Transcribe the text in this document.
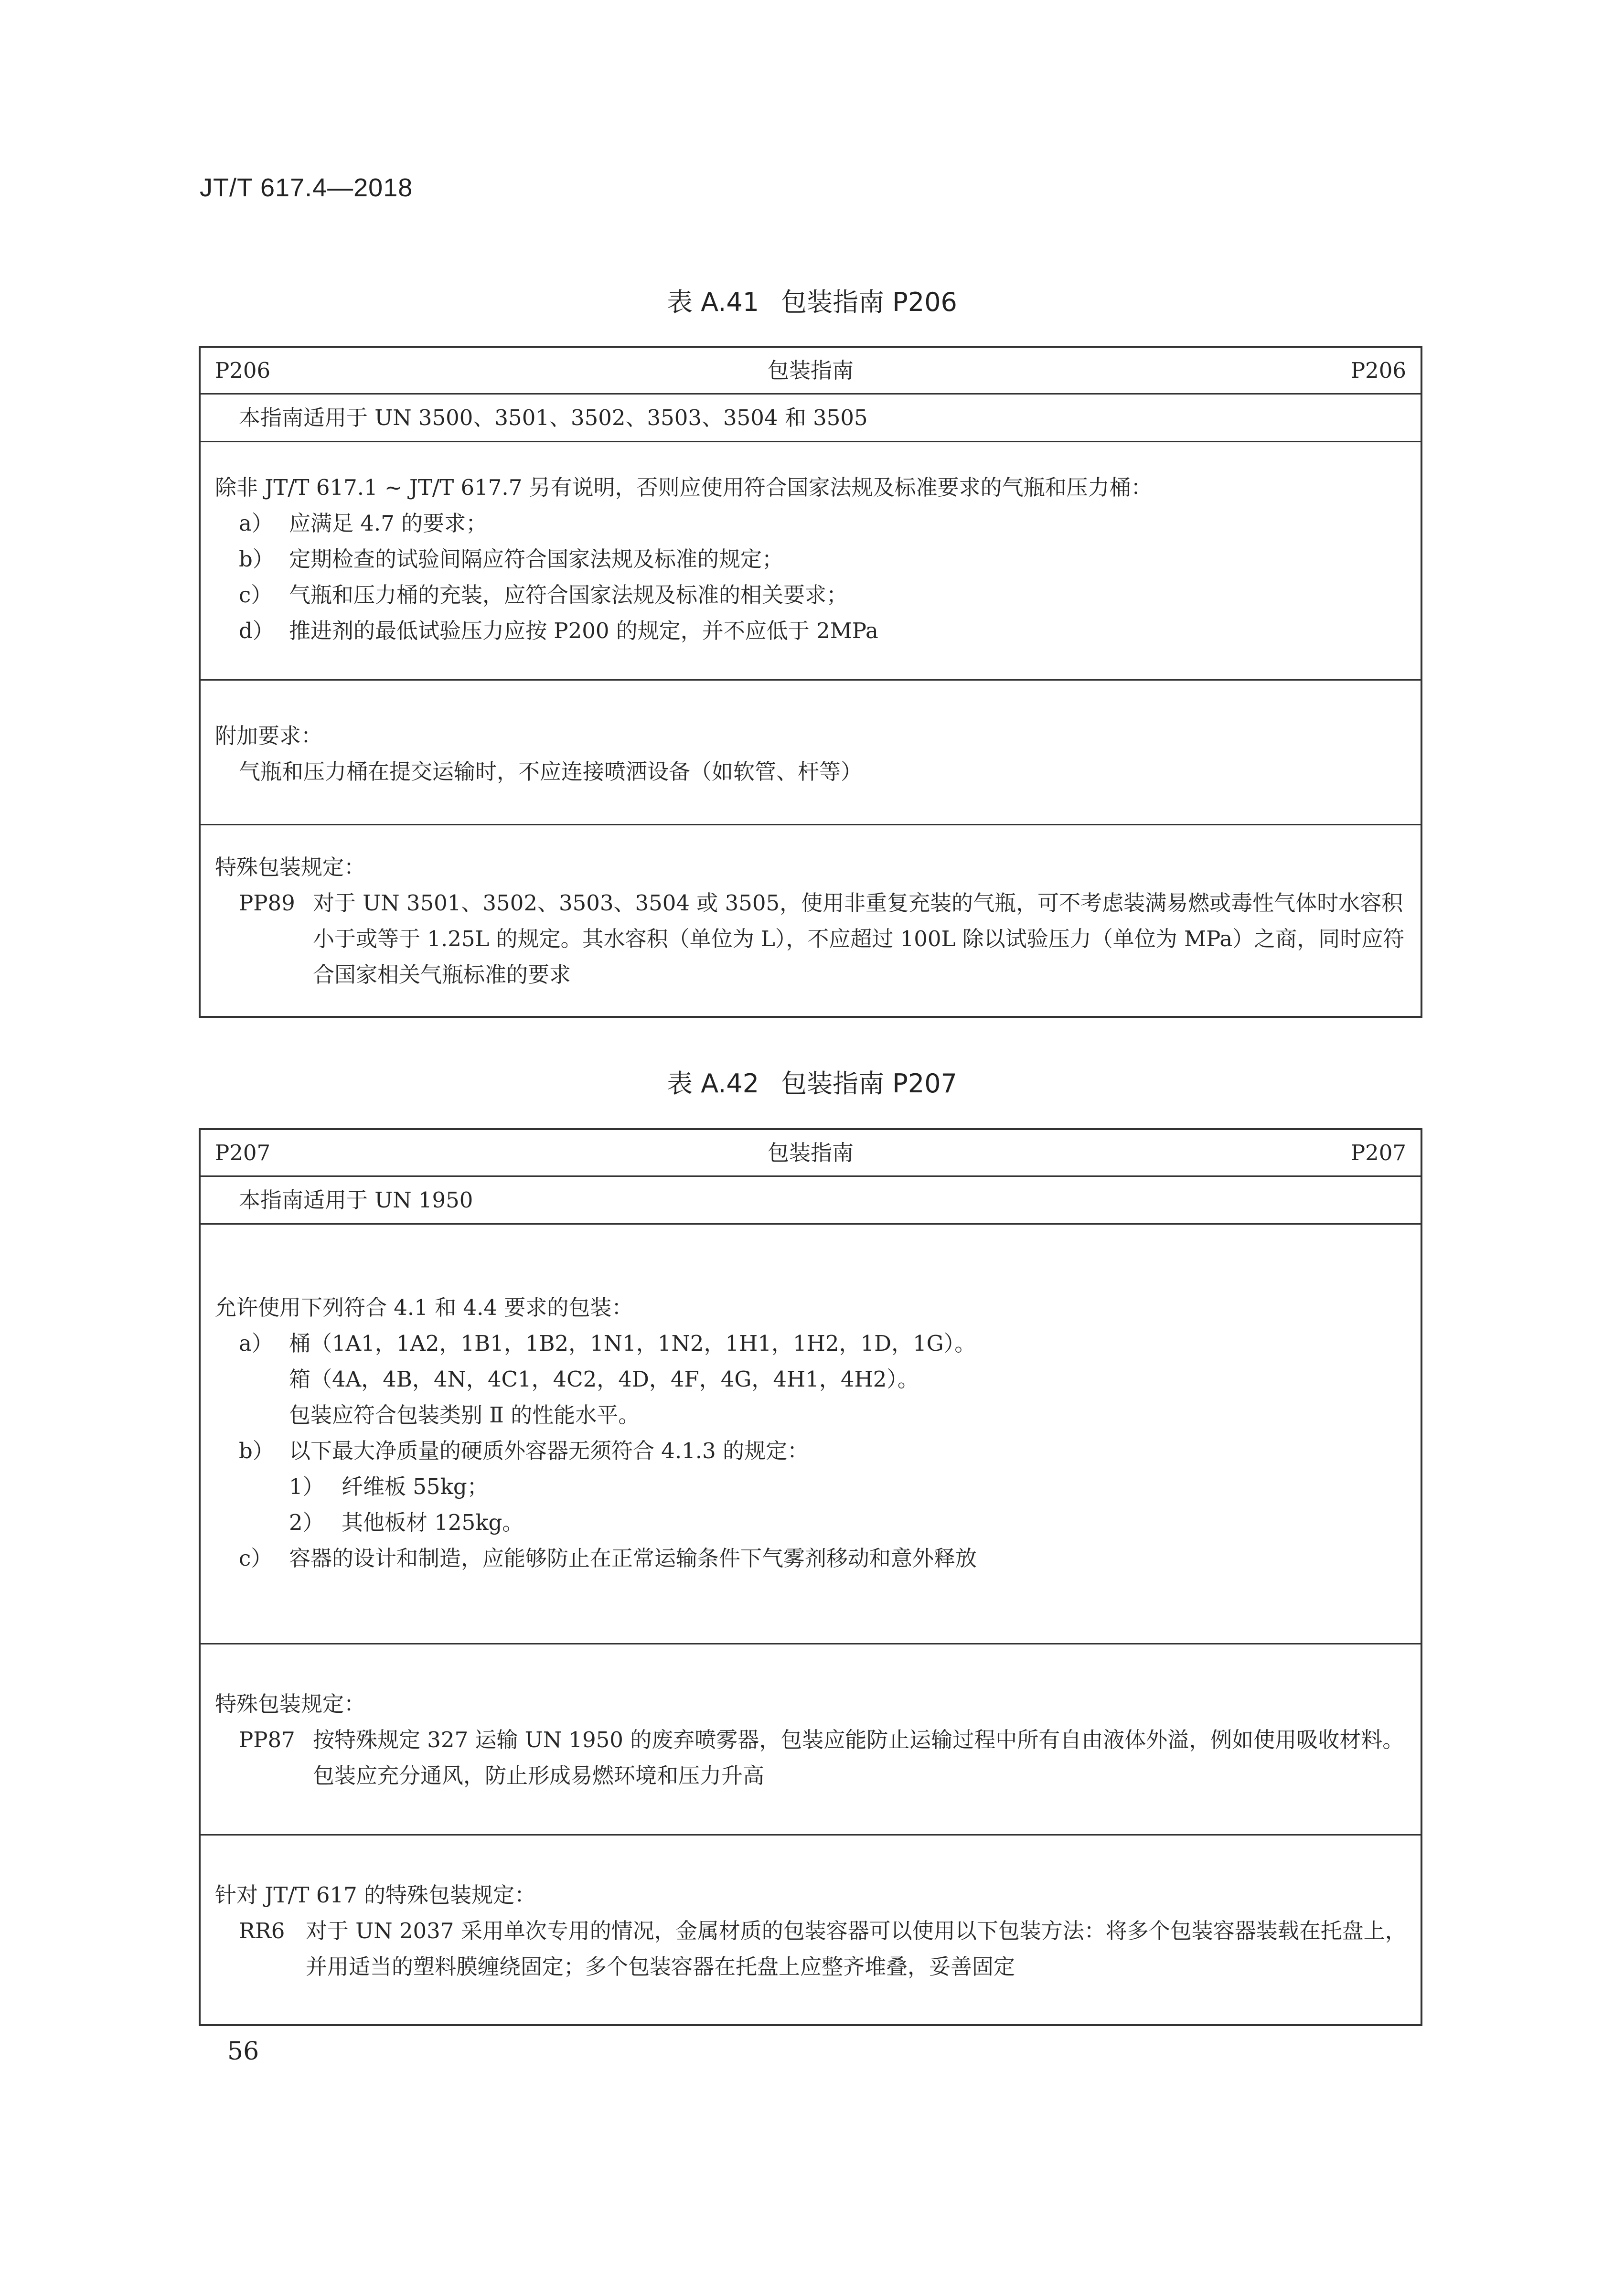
JT/T 617.4—2018
表 A.41 包装指南 P206
P206	包装指南	P206
本指南适用于 UN 3500、3501、3502、3503、3504 和 3505
除非 JT/T 617.1 ~ JT/T 617.7 另有说明，否则应使用符合国家法规及标准要求的气瓶和压力桶：
a） 应满足 4.7 的要求；
b） 定期检查的试验间隔应符合国家法规及标准的规定；
c） 气瓶和压力桶的充装，应符合国家法规及标准的相关要求；
d） 推进剂的最低试验压力应按 P200 的规定，并不应低于 2MPa
附加要求：
气瓶和压力桶在提交运输时，不应连接喷洒设备（如软管、杆等）
特殊包装规定：
PP89 对于 UN 3501、3502、3503、3504 或 3505，使用非重复充装的气瓶，可不考虑装满易燃或毒性气体时水容积小于或等于 1.25L 的规定。其水容积（单位为 L），不应超过 100L 除以试验压力（单位为 MPa）之商，同时应符合国家相关气瓶标准的要求
表 A.42 包装指南 P207
P207	包装指南	P207
本指南适用于 UN 1950
允许使用下列符合 4.1 和 4.4 要求的包装：
a） 桶（1A1，1A2，1B1，1B2，1N1，1N2，1H1，1H2，1D，1G）。
箱（4A，4B，4N，4C1，4C2，4D，4F，4G，4H1，4H2）。
包装应符合包装类别 Ⅱ 的性能水平。
b） 以下最大净质量的硬质外容器无须符合 4.1.3 的规定：
1） 纤维板 55kg；
2） 其他板材 125kg。
c） 容器的设计和制造，应能够防止在正常运输条件下气雾剂移动和意外释放
特殊包装规定：
PP87 按特殊规定 327 运输 UN 1950 的废弃喷雾器，包装应能防止运输过程中所有自由液体外溢，例如使用吸收材料。包装应充分通风，防止形成易燃环境和压力升高
针对 JT/T 617 的特殊包装规定：
RR6 对于 UN 2037 采用单次专用的情况，金属材质的包装容器可以使用以下包装方法：将多个包装容器装载在托盘上，并用适当的塑料膜缠绕固定；多个包装容器在托盘上应整齐堆叠，妥善固定
56
